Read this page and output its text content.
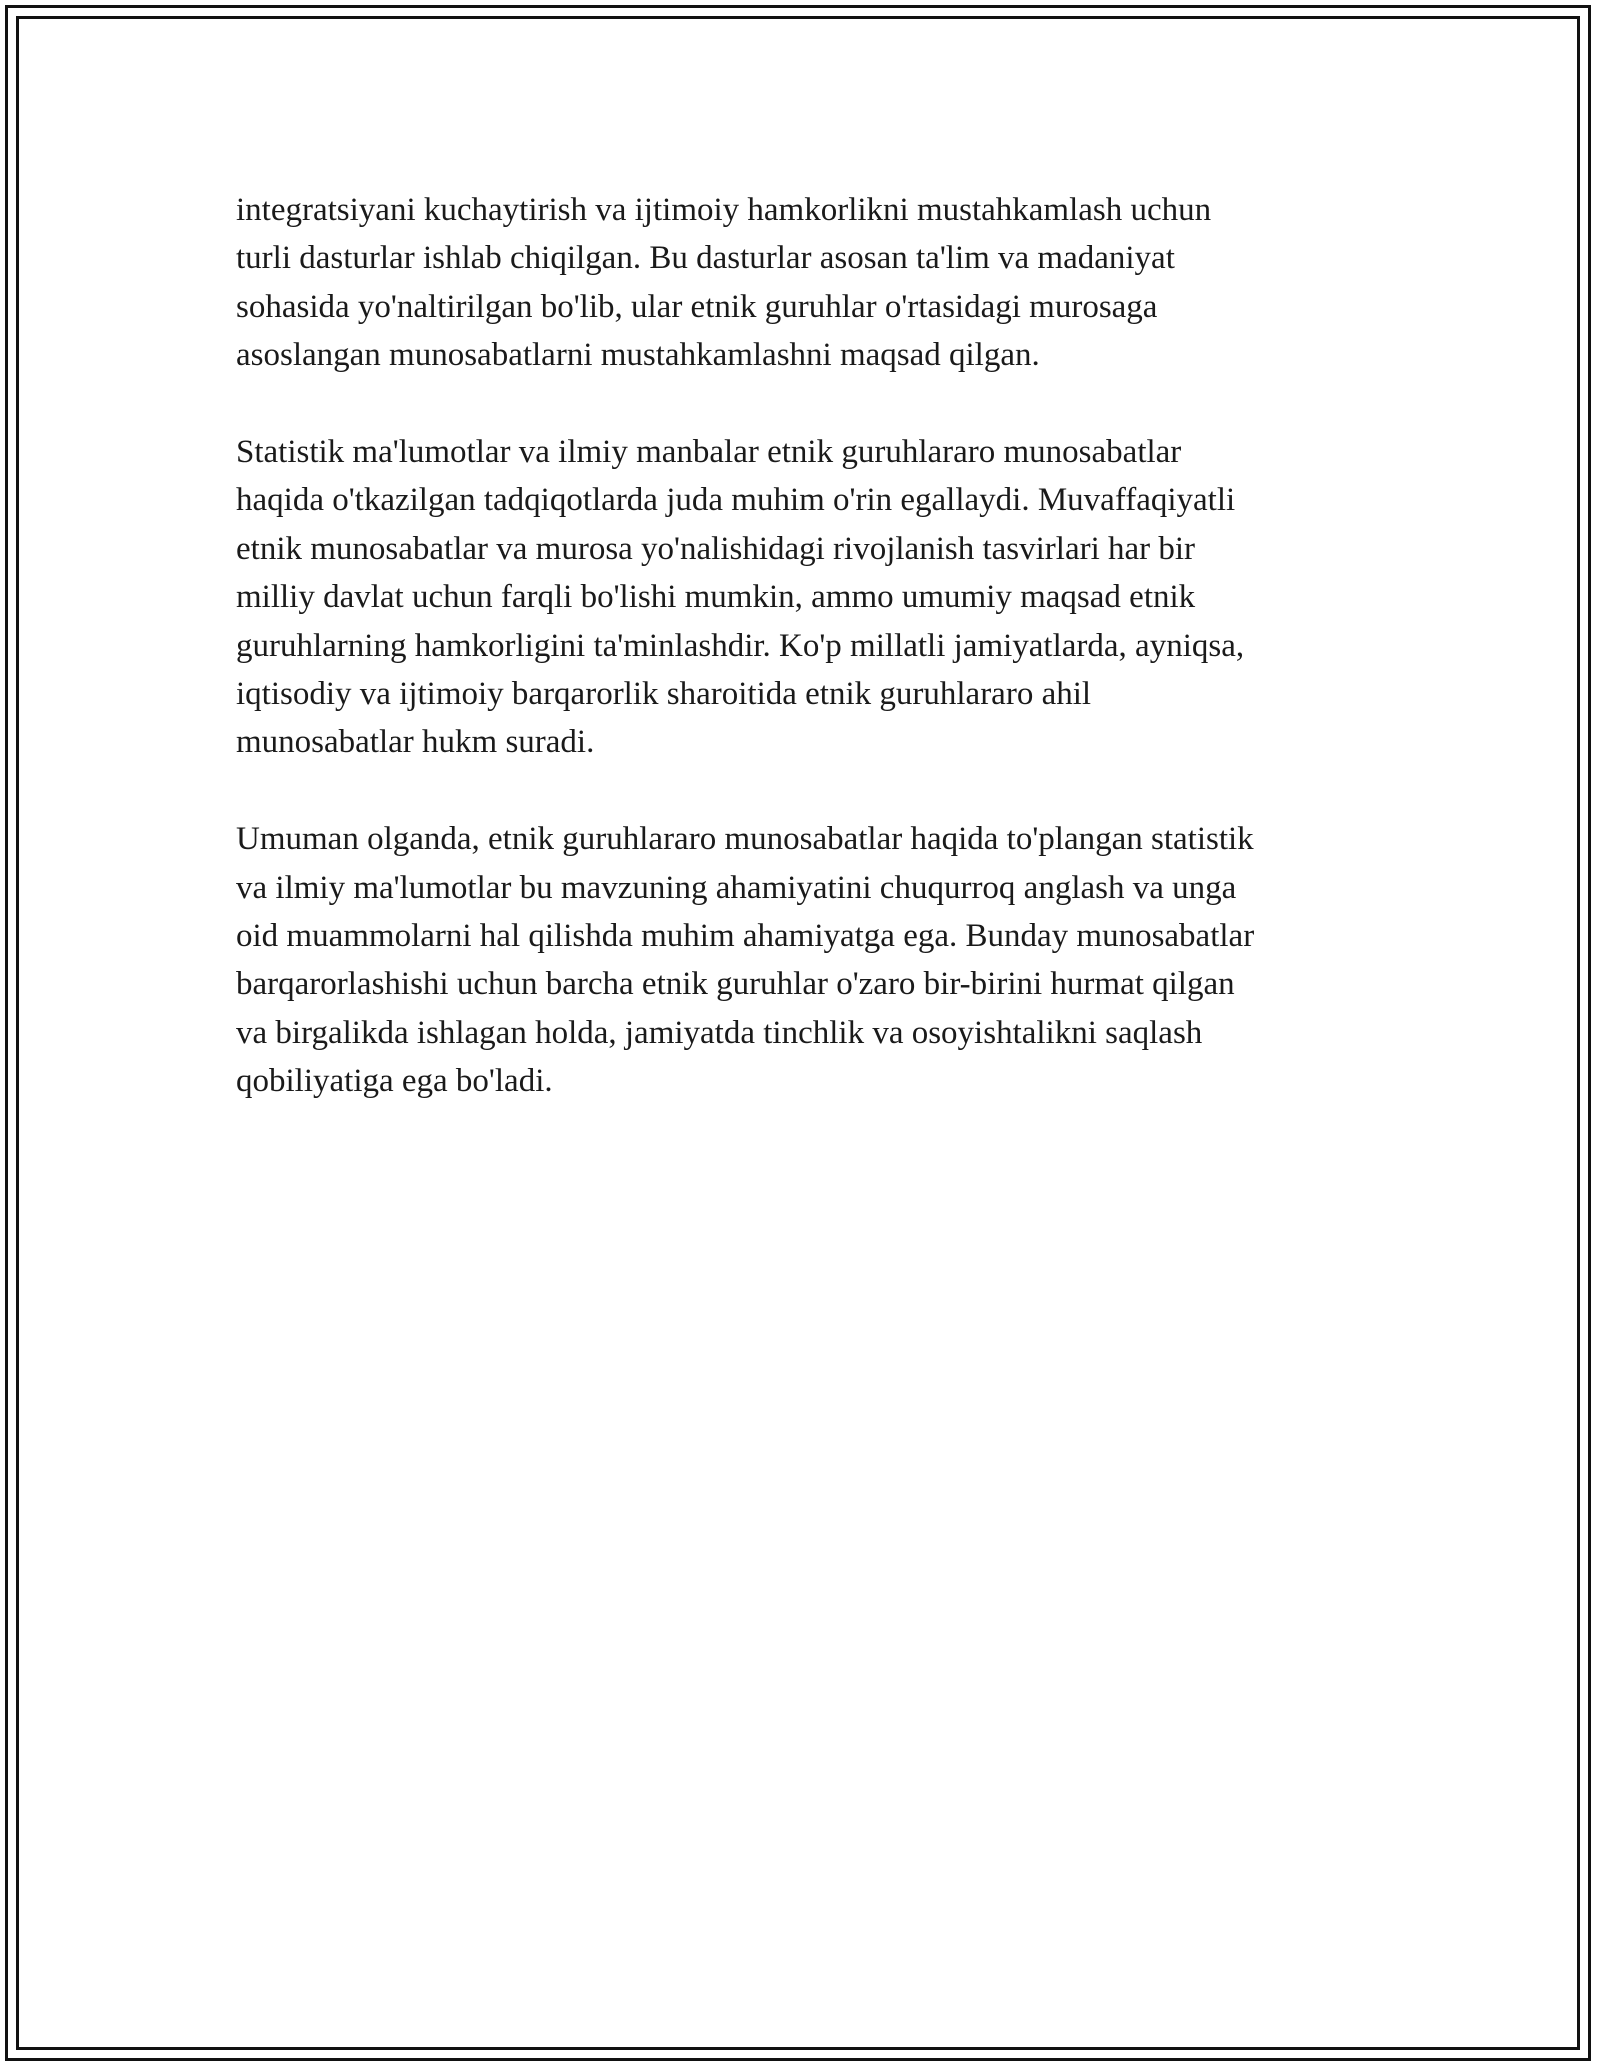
integratsiyani kuchaytirish va ijtimoiy hamkorlikni mustahkamlash uchun
turli dasturlar ishlab chiqilgan. Bu dasturlar asosan ta'lim va madaniyat
sohasida yo'naltirilgan bo'lib, ular etnik guruhlar o'rtasidagi murosaga
asoslangan munosabatlarni mustahkamlashni maqsad qilgan.

Statistik ma'lumotlar va ilmiy manbalar etnik guruhlararo munosabatlar
haqida o'tkazilgan tadqiqotlarda juda muhim o'rin egallaydi. Muvaffaqiyatli
etnik munosabatlar va murosa yo'nalishidagi rivojlanish tasvirlari har bir
milliy davlat uchun farqli bo'lishi mumkin, ammo umumiy maqsad etnik
guruhlarning hamkorligini ta'minlashdir. Ko'p millatli jamiyatlarda, ayniqsa,
iqtisodiy va ijtimoiy barqarorlik sharoitida etnik guruhlararo ahil
munosabatlar hukm suradi.

Umuman olganda, etnik guruhlararo munosabatlar haqida to'plangan statistik
va ilmiy ma'lumotlar bu mavzuning ahamiyatini chuqurroq anglash va unga
oid muammolarni hal qilishda muhim ahamiyatga ega. Bunday munosabatlar
barqarorlashishi uchun barcha etnik guruhlar o'zaro bir-birini hurmat qilgan
va birgalikda ishlagan holda, jamiyatda tinchlik va osoyishtalikni saqlash
qobiliyatiga ega bo'ladi.
